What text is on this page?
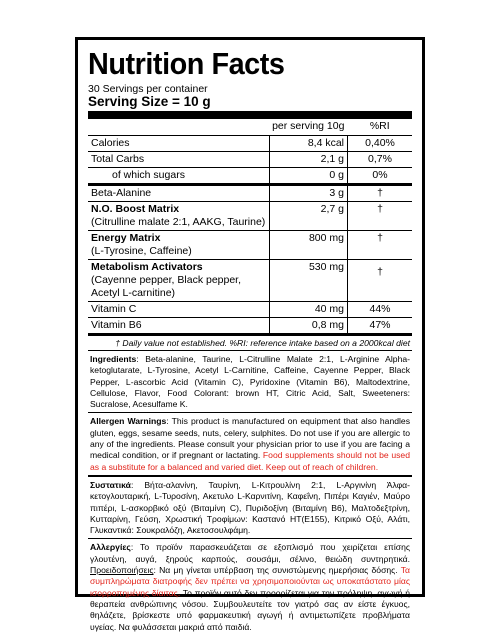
Nutrition Facts
30 Servings per container
Serving Size = 10 g
	per serving 10g	%RI
Calories	8,4 kcal	0,40%
Total Carbs	2,1 g	0,7%
of which sugars	0 g	0%
Beta-Alanine	3 g	†

N.O. Boost Matrix
(Citrulline malate 2:1, AAKG, Taurine)	2,7 g	†

Energy Matrix
(L-Tyrosine, Caffeine)	800 mg	†

Metabolism Activators
(Cayenne pepper, Black pepper,
Acetyl L-carnitine)	530 mg	†
Vitamin C	40 mg	44%
Vitamin B6	0,8 mg	47%
† Daily value not established. %RI: reference intake based on a 2000kcal diet
Ingredients: Beta-alanine, Taurine, L-Citrulline Malate 2:1, L-Arginine Alpha-ketoglutarate, L-Tyrosine, Acetyl L-Carnitine, Caffeine, Cayenne Pepper, Black Pepper, L-ascorbic Acid (Vitamin C), Pyridoxine (Vitamin B6), Maltodextrine, Cellulose, Flavor, Food Colorant: brown HT, Citric Acid, Salt, Sweeteners: Sucralose, Acesulfame K.
Allergen Warnings: This product is manufactured on equipment that also handles gluten, eggs, sesame seeds, nuts, celery, sulphites. Do not use if you are allergic to any of the ingredients. Please consult your physician prior to use if you are facing a medical condition, or if pregnant or lactating. Food supplements should not be used as a substitute for a balanced and varied diet. Keep out of reach of children.
Συστατικά: Βήτα-αλανίνη, Ταυρίνη, L-Κιτρουλίνη 2:1, L-Αργινίνη Άλφα-κετογλουταρική, L-Τυροσίνη, Ακετυλο L-Καρνιτίνη, Καφεΐνη, Πιπέρι Καγιέν, Μαύρο πιπέρι, L-ασκορβικό οξύ (Βιταμίνη C), Πυριδοξίνη (Βιταμίνη Β6), Μαλτοδεξτρίνη, Κυτταρίνη, Γεύση, Χρωστική Τροφίμων: Καστανό HT(E155), Κιτρικό Οξύ, Αλάτι, Γλυκαντικά: Σουκραλόζη, Ακετοσουλφάμη.
Αλλεργίες: Το προϊόν παρασκευάζεται σε εξοπλισμό που χειρίζεται επίσης γλουτένη, αυγά, ξηρούς καρπούς, σουσάμι, σέλινο, θειώδη συντηρητικά. Προειδοποιήσεις: Να μη γίνεται υπέρβαση της συνιστώμενης ημερήσιας δόσης. Τα συμπληρώματα διατροφής δεν πρέπει να χρησιμοποιούνται ως υποκατάστατο μίας ισορροπημένης δίαιτας. Το προϊόν αυτό δεν προορίζεται για την πρόληψη, αγωγή ή θεραπεία ανθρώπινης νόσου. Συμβουλευτείτε τον γιατρό σας αν είστε έγκυος, θηλάζετε, βρίσκεστε υπό φαρμακευτική αγωγή ή αντιμετωπίζετε προβλήματα υγείας. Να φυλάσσεται μακριά από παιδιά.
